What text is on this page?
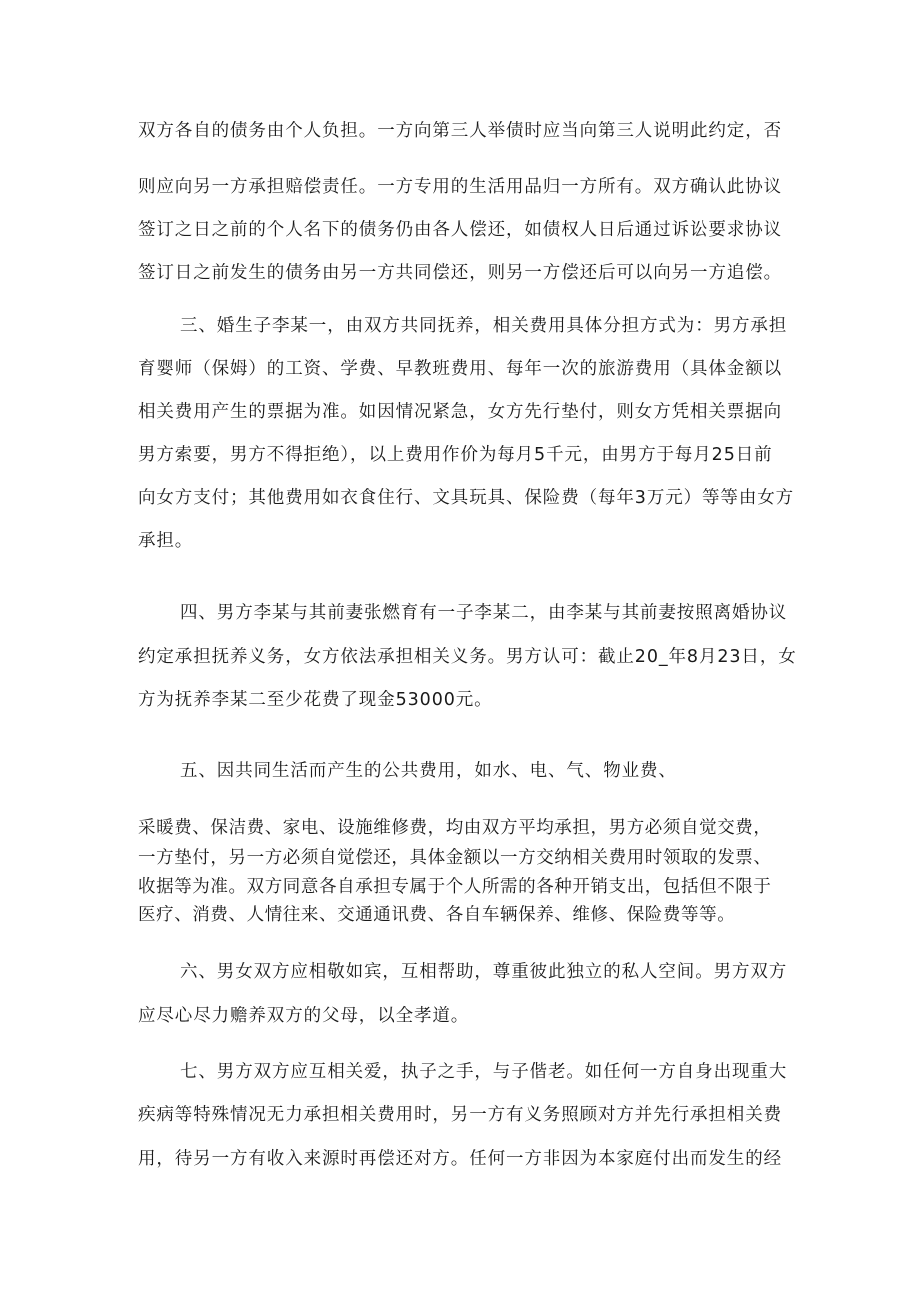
双方各自的债务由个人负担。一方向第三人举债时应当向第三人说明此约定，否
则应向另一方承担赔偿责任。一方专用的生活用品归一方所有。双方确认此协议
签订之日之前的个人名下的债务仍由各人偿还，如债权人日后通过诉讼要求协议
签订日之前发生的债务由另一方共同偿还，则另一方偿还后可以向另一方追偿。
三、婚生子李某一，由双方共同抚养，相关费用具体分担方式为：男方承担
育婴师（保姆）的工资、学费、早教班费用、每年一次的旅游费用（具体金额以
相关费用产生的票据为准。如因情况紧急，女方先行垫付，则女方凭相关票据向
男方索要，男方不得拒绝），以上费用作价为每月5千元，由男方于每月25日前
向女方支付；其他费用如衣食住行、文具玩具、保险费（每年3万元）等等由女方
承担。
四、男方李某与其前妻张燃育有一子李某二，由李某与其前妻按照离婚协议
约定承担抚养义务，女方依法承担相关义务。男方认可：截止20_年8月23日，女
方为抚养李某二至少花费了现金53000元。
五、因共同生活而产生的公共费用，如水、电、气、物业费、
采暖费、保洁费、家电、设施维修费，均由双方平均承担，男方必须自觉交费，
一方垫付，另一方必须自觉偿还，具体金额以一方交纳相关费用时领取的发票、
收据等为准。双方同意各自承担专属于个人所需的各种开销支出，包括但不限于
医疗、消费、人情往来、交通通讯费、各自车辆保养、维修、保险费等等。
六、男女双方应相敬如宾，互相帮助，尊重彼此独立的私人空间。男方双方
应尽心尽力赡养双方的父母，以全孝道。
七、男方双方应互相关爱，执子之手，与子偕老。如任何一方自身出现重大
疾病等特殊情况无力承担相关费用时，另一方有义务照顾对方并先行承担相关费
用，待另一方有收入来源时再偿还对方。任何一方非因为本家庭付出而发生的经
